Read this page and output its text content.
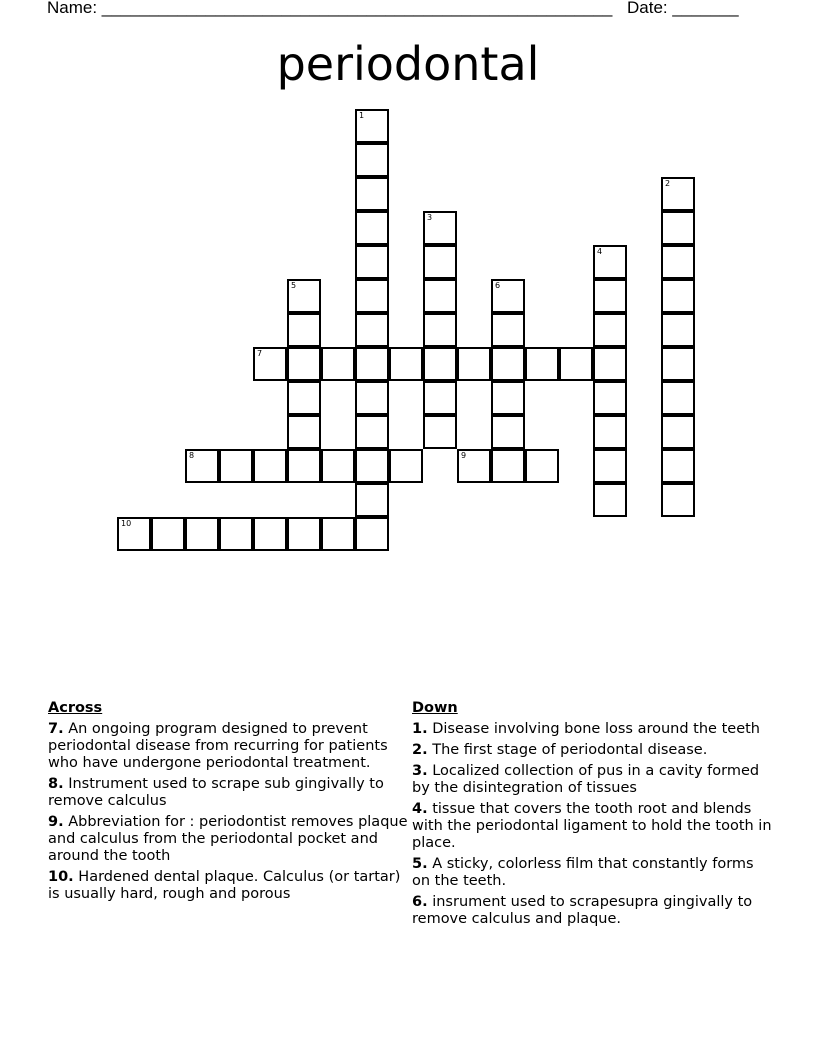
Name: ______________________________________________________ Date: _______
periodontal
1
2
3
4
5	6
7
8	9
10
Across
7. An ongoing program designed to prevent periodontal disease from recurring for patients who have undergone periodontal treatment.
8. Instrument used to scrape sub gingivally to remove calculus
9. Abbreviation for : periodontist removes plaque and calculus from the periodontal pocket and around the tooth
10. Hardened dental plaque. Calculus (or tartar) is usually hard, rough and porous
Down
1. Disease involving bone loss around the teeth
2. The first stage of periodontal disease.
3. Localized collection of pus in a cavity formed by the disintegration of tissues
4. tissue that covers the tooth root and blends with the periodontal ligament to hold the tooth in place.
5. A sticky, colorless film that constantly forms on the teeth.
6. insrument used to scrapesupra gingivally to remove calculus and plaque.
